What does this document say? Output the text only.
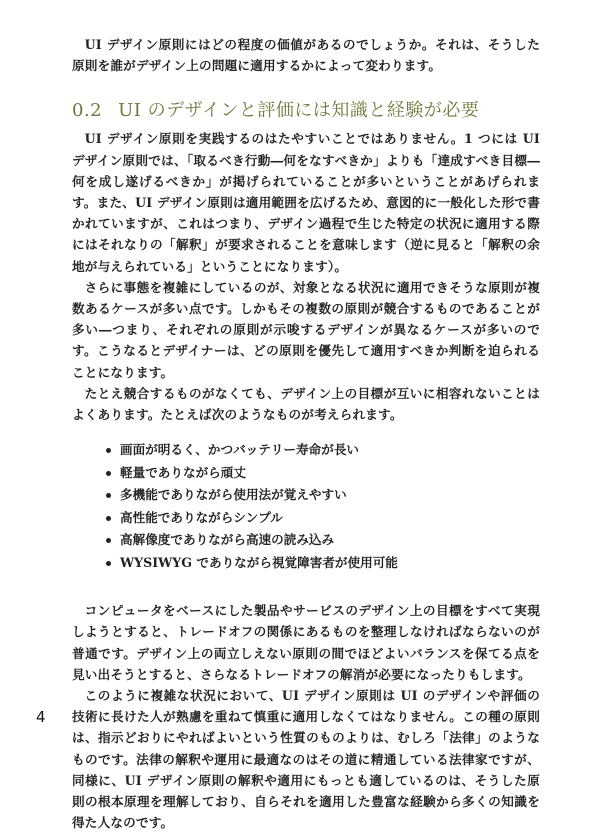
UI デザイン原則にはどの程度の価値があるのでしょうか。それは、そうした原則を誰がデザイン上の問題に適用するかによって変わります。

0.2 UI のデザインと評価には知識と経験が必要

UI デザイン原則を実践するのはたやすいことではありません。1 つには UI デザイン原則では、「取るべき行動―何をなすべきか」よりも「達成すべき目標―何を成し遂げるべきか」が掲げられていることが多いということがあげられます。また、UI デザイン原則は適用範囲を広げるため、意図的に一般化した形で書かれていますが、これはつまり、デザイン過程で生じた特定の状況に適用する際にはそれなりの「解釈」が要求されることを意味します（逆に見ると「解釈の余地が与えられている」ということになります）。

さらに事態を複雑にしているのが、対象となる状況に適用できそうな原則が複数あるケースが多い点です。しかもその複数の原則が競合するものであることが多い―つまり、それぞれの原則が示唆するデザインが異なるケースが多いのです。こうなるとデザイナーは、どの原則を優先して適用すべきか判断を迫られることになります。

たとえ競合するものがなくても、デザイン上の目標が互いに相容れないことはよくあります。たとえば次のようなものが考えられます。

画面が明るく、かつバッテリー寿命が長い
軽量でありながら頑丈
多機能でありながら使用法が覚えやすい
高性能でありながらシンプル
高解像度でありながら高速の読み込み
WYSIWYG でありながら視覚障害者が使用可能

コンピュータをベースにした製品やサービスのデザイン上の目標をすべて実現しようとすると、トレードオフの関係にあるものを整理しなければならないのが普通です。デザイン上の両立しえない原則の間でほどよいバランスを保てる点を見い出そうとすると、さらなるトレードオフの解消が必要になったりもします。

このように複雑な状況において、UI デザイン原則は UI のデザインや評価の技術に長けた人が熟慮を重ねて慎重に適用しなくてはなりません。この種の原則は、指示どおりにやればよいという性質のものよりは、むしろ「法律」のようなものです。法律の解釈や運用に最適なのはその道に精通している法律家ですが、同様に、UI デザイン原則の解釈や適用にもっとも適しているのは、そうした原則の根本原理を理解しており、自らそれを適用した豊富な経験から多くの知識を得た人なのです。

4
